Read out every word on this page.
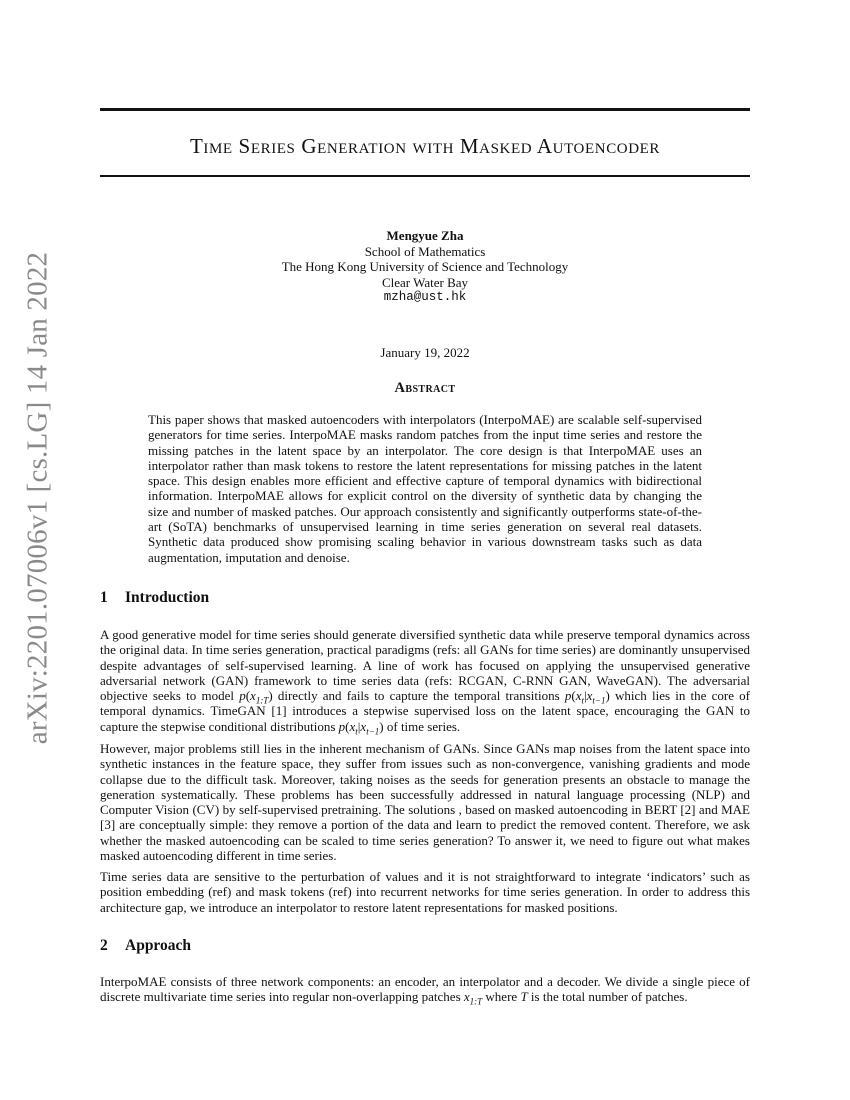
arXiv:2201.07006v1 [cs.LG] 14 Jan 2022
Time Series Generation with Masked Autoencoder
Mengyue Zha
School of Mathematics
The Hong Kong University of Science and Technology
Clear Water Bay
mzha@ust.hk
January 19, 2022
Abstract

This paper shows that masked autoencoders with interpolators (InterpoMAE) are scalable self-supervised generators for time series. InterpoMAE masks random patches from the input time series and restore the missing patches in the latent space by an interpolator. The core design is that InterpoMAE uses an interpolator rather than mask tokens to restore the latent representations for missing patches in the latent space. This design enables more efficient and effective capture of temporal dynamics with bidirectional information. InterpoMAE allows for explicit control on the diversity of synthetic data by changing the size and number of masked patches. Our approach consistently and significantly outperforms state-of-the-art (SoTA) benchmarks of unsupervised learning in time series generation on several real datasets. Synthetic data produced show promising scaling behavior in various downstream tasks such as data augmentation, imputation and denoise.

1 Introduction

A good generative model for time series should generate diversified synthetic data while preserve temporal dynamics across the original data. In time series generation, practical paradigms (refs: all GANs for time series) are dominantly unsupervised despite advantages of self-supervised learning. A line of work has focused on applying the unsupervised generative adversarial network (GAN) framework to time series data (refs: RCGAN, C-RNN GAN, WaveGAN). The adversarial objective seeks to model $p(x_{1:T})$ directly and fails to capture the temporal transitions $p(x_t|x_{t-1})$ which lies in the core of temporal dynamics. TimeGAN [1] introduces a stepwise supervised loss on the latent space, encouraging the GAN to capture the stepwise conditional distributions $p(x_t|x_{t-1})$ of time series.

However, major problems still lies in the inherent mechanism of GANs. Since GANs map noises from the latent space into synthetic instances in the feature space, they suffer from issues such as non-convergence, vanishing gradients and mode collapse due to the difficult task. Moreover, taking noises as the seeds for generation presents an obstacle to manage the generation systematically. These problems has been successfully addressed in natural language processing (NLP) and Computer Vision (CV) by self-supervised pretraining. The solutions , based on masked autoencoding in BERT [2] and MAE [3] are conceptually simple: they remove a portion of the data and learn to predict the removed content. Therefore, we ask whether the masked autoencoding can be scaled to time series generation? To answer it, we need to figure out what makes masked autoencoding different in time series.

Time series data are sensitive to the perturbation of values and it is not straightforward to integrate ‘indicators’ such as position embedding (ref) and mask tokens (ref) into recurrent networks for time series generation. In order to address this architecture gap, we introduce an interpolator to restore latent representations for masked positions.

2 Approach

InterpoMAE consists of three network components: an encoder, an interpolator and a decoder. We divide a single piece of discrete multivariate time series into regular non-overlapping patches $x_{1:T}$ where T is the total number of patches.
